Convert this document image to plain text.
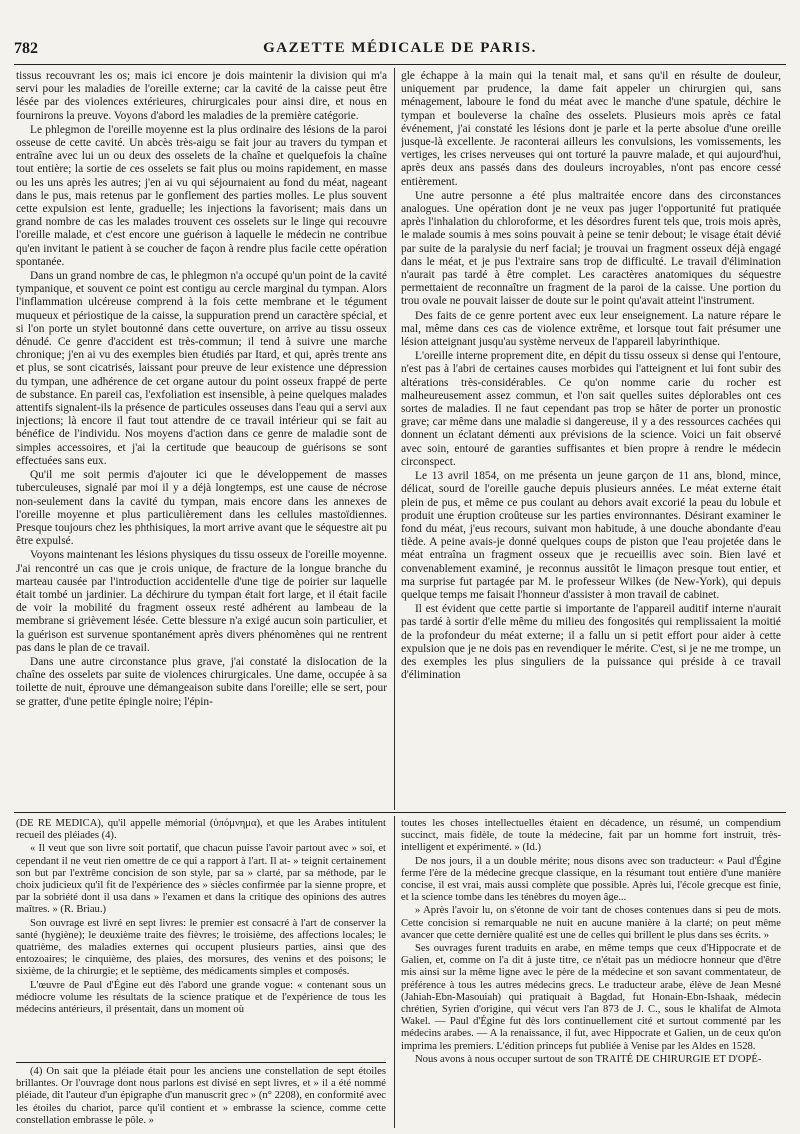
782	GAZETTE MÉDICALE DE PARIS.

tissus recouvrant les os; mais ici encore je dois maintenir la division qui m'a servi pour les maladies de l'oreille externe; car la cavité de la caisse peut être lésée par des violences extérieures, chirurgicales pour ainsi dire, et nous en fournirons la preuve. Voyons d'abord les maladies de la première catégorie.

Le phlegmon de l'oreille moyenne est la plus ordinaire des lésions de la paroi osseuse de cette cavité. Un abcès très-aigu se fait jour au travers du tympan et entraîne avec lui un ou deux des osselets de la chaîne et quelquefois la chaîne tout entière; la sortie de ces osselets se fait plus ou moins rapidement, en masse ou les uns après les autres; j'en ai vu qui séjournaient au fond du méat, nageant dans le pus, mais retenus par le gonflement des parties molles. Le plus souvent cette expulsion est lente, graduelle; les injections la favorisent; mais dans un grand nombre de cas les malades trouvent ces osselets sur le linge qui recouvre l'oreille malade, et c'est encore une guérison à laquelle le médecin ne contribue qu'en invitant le patient à se coucher de façon à rendre plus facile cette opération spontanée.

Dans un grand nombre de cas, le phlegmon n'a occupé qu'un point de la cavité tympanique, et souvent ce point est contigu au cercle marginal du tympan. Alors l'inflammation ulcéreuse comprend à la fois cette membrane et le tégument muqueux et périostique de la caisse, la suppuration prend un caractère spécial, et si l'on porte un stylet boutonné dans cette ouverture, on arrive au tissu osseux dénudé. Ce genre d'accident est très-commun; il tend à suivre une marche chronique; j'en ai vu des exemples bien étudiés par Itard, et qui, après trente ans et plus, se sont cicatrisés, laissant pour preuve de leur existence une dépression du tympan, une adhérence de cet organe autour du point osseux frappé de perte de substance. En pareil cas, l'exfoliation est insensible, à peine quelques malades attentifs signalent-ils la présence de particules osseuses dans l'eau qui a servi aux injections; là encore il faut tout attendre de ce travail intérieur qui se fait au bénéfice de l'individu. Nos moyens d'action dans ce genre de maladie sont de simples accessoires, et j'ai la certitude que beaucoup de guérisons se sont effectuées sans eux.

Qu'il me soit permis d'ajouter ici que le développement de masses tuberculeuses, signalé par moi il y a déjà longtemps, est une cause de nécrose non-seulement dans la cavité du tympan, mais encore dans les annexes de l'oreille moyenne et plus particulièrement dans les cellules mastoïdiennes. Presque toujours chez les phthisiques, la mort arrive avant que le séquestre ait pu être expulsé.

Voyons maintenant les lésions physiques du tissu osseux de l'oreille moyenne. J'ai rencontré un cas que je crois unique, de fracture de la longue branche du marteau causée par l'introduction accidentelle d'une tige de poirier sur laquelle était tombé un jardinier. La déchirure du tympan était fort large, et il était facile de voir la mobilité du fragment osseux resté adhérent au lambeau de la membrane si grièvement lésée. Cette blessure n'a exigé aucun soin particulier, et la guérison est survenue spontanément après divers phénomènes qui ne rentrent pas dans le plan de ce travail.

Dans une autre circonstance plus grave, j'ai constaté la dislocation de la chaîne des osselets par suite de violences chirurgicales. Une dame, occupée à sa toilette de nuit, éprouve une démangeaison subite dans l'oreille; elle se sert, pour se gratter, d'une petite épingle noire; l'épin-

gle échappe à la main qui la tenait mal, et sans qu'il en résulte de douleur, uniquement par prudence, la dame fait appeler un chirurgien qui, sans ménagement, laboure le fond du méat avec le manche d'une spatule, déchire le tympan et bouleverse la chaîne des osselets. Plusieurs mois après ce fatal événement, j'ai constaté les lésions dont je parle et la perte absolue d'une oreille jusque-là excellente. Je raconterai ailleurs les convulsions, les vomissements, les vertiges, les crises nerveuses qui ont torturé la pauvre malade, et qui aujourd'hui, après deux ans passés dans des douleurs incroyables, n'ont pas encore cessé entièrement.

Une autre personne a été plus maltraitée encore dans des circonstances analogues. Une opération dont je ne veux pas juger l'opportunité fut pratiquée après l'inhalation du chloroforme, et les désordres furent tels que, trois mois après, le malade soumis à mes soins pouvait à peine se tenir debout; le visage était dévié par suite de la paralysie du nerf facial; je trouvai un fragment osseux déjà engagé dans le méat, et je pus l'extraire sans trop de difficulté. Le travail d'élimination n'aurait pas tardé à être complet. Les caractères anatomiques du séquestre permettaient de reconnaître un fragment de la paroi de la caisse. Une portion du trou ovale ne pouvait laisser de doute sur le point qu'avait atteint l'instrument.

Des faits de ce genre portent avec eux leur enseignement. La nature répare le mal, même dans ces cas de violence extrême, et lorsque tout fait présumer une lésion atteignant jusqu'au système nerveux de l'appareil labyrinthique.

L'oreille interne proprement dite, en dépit du tissu osseux si dense qui l'entoure, n'est pas à l'abri de certaines causes morbides qui l'atteignent et lui font subir des altérations très-considérables. Ce qu'on nomme carie du rocher est malheureusement assez commun, et l'on sait quelles suites déplorables ont ces sortes de maladies. Il ne faut cependant pas trop se hâter de porter un pronostic grave; car même dans une maladie si dangereuse, il y a des ressources cachées qui donnent un éclatant démenti aux prévisions de la science. Voici un fait observé avec soin, entouré de garanties suffisantes et bien propre à rendre le médecin circonspect.

Le 13 avril 1854, on me présenta un jeune garçon de 11 ans, blond, mince, délicat, sourd de l'oreille gauche depuis plusieurs années. Le méat externe était plein de pus, et même ce pus coulant au dehors avait excorié la peau du lobule et produit une éruption croûteuse sur les parties environnantes. Désirant examiner le fond du méat, j'eus recours, suivant mon habitude, à une douche abondante d'eau tiède. A peine avais-je donné quelques coups de piston que l'eau projetée dans le méat entraîna un fragment osseux que je recueillis avec soin. Bien lavé et convenablement examiné, je reconnus aussitôt le limaçon presque tout entier, et ma surprise fut partagée par M. le professeur Wilkes (de New-York), qui depuis quelque temps me faisait l'honneur d'assister à mon travail de cabinet.

Il est évident que cette partie si importante de l'appareil auditif interne n'aurait pas tardé à sortir d'elle même du milieu des fongosités qui remplissaient la moitié de la profondeur du méat externe; il a fallu un si petit effort pour aider à cette expulsion que je ne dois pas en revendiquer le mérite. C'est, si je ne me trompe, un des exemples les plus singuliers de la puissance qui préside à ce travail d'élimination

(DE RE MEDICA), qu'il appelle mémorial (ὑπόμνημα), et que les Arabes intitulent recueil des pléiades (4).

« Il veut que son livre soit portatif, que chacun puisse l'avoir partout avec » soi, et cependant il ne veut rien omettre de ce qui a rapport à l'art. Il at- » teignit certainement son but par l'extrême concision de son style, par sa » clarté, par sa méthode, par le choix judicieux qu'il fit de l'expérience des » siècles confirmée par la sienne propre, et par la sobriété dont il usa dans » l'examen et dans la critique des opinions des autres maîtres. » (R. Briau.)

Son ouvrage est livré en sept livres: le premier est consacré à l'art de conserver la santé (hygiène); le deuxième traite des fièvres; le troisième, des affections locales; le quatrième, des maladies externes qui occupent plusieurs parties, ainsi que des entozoaires; le cinquième, des plaies, des morsures, des venins et des poisons; le sixième, de la chirurgie; et le septième, des médicaments simples et composés.

L'œuvre de Paul d'Égine eut dès l'abord une grande vogue: « contenant sous un médiocre volume les résultats de la science pratique et de l'expérience de tous les médecins antérieurs, il présentait, dans un moment où

(4) On sait que la pléiade était pour les anciens une constellation de sept étoiles brillantes. Or l'ouvrage dont nous parlons est divisé en sept livres, et » il a été nommé pléiade, dit l'auteur d'un épigraphe d'un manuscrit grec » (n° 2208), en conformité avec les étoiles du chariot, parce qu'il contient et » embrasse la science, comme cette constellation embrasse le pôle. »

toutes les choses intellectuelles étaient en décadence, un résumé, un compendium succinct, mais fidèle, de toute la médecine, fait par un homme fort instruit, très-intelligent et expérimenté. » (Id.)

De nos jours, il a un double mérite; nous disons avec son traducteur: « Paul d'Égine ferme l'ère de la médecine grecque classique, en la résumant tout entière d'une manière concise, il est vrai, mais aussi complète que possible. Après lui, l'école grecque est finie, et la science tombe dans les ténèbres du moyen âge...

» Après l'avoir lu, on s'étonne de voir tant de choses contenues dans si peu de mots. Cette concision si remarquable ne nuit en aucune manière à la clarté; on peut même avancer que cette dernière qualité est une de celles qui brillent le plus dans ses écrits. »

Ses ouvrages furent traduits en arabe, en même temps que ceux d'Hippocrate et de Galien, et, comme on l'a dit à juste titre, ce n'était pas un médiocre honneur que d'être mis ainsi sur la même ligne avec le père de la médecine et son savant commentateur, de préférence à tous les autres médecins grecs. Le traducteur arabe, élève de Jean Mesné (Jahiah-Ebn-Masouiah) qui pratiquait à Bagdad, fut Honain-Ebn-Ishaak, médecin chrétien, Syrien d'origine, qui vécut vers l'an 873 de J. C., sous le khalifat de Almota Wakel. — Paul d'Égine fut dès lors continuellement cité et surtout commenté par les médecins arabes. — A la renaissance, il fut, avec Hippocrate et Galien, un de ceux qu'on imprima les premiers. L'édition princeps fut publiée à Venise par les Aldes en 1528.

Nous avons à nous occuper surtout de son TRAITÉ DE CHIRURGIE ET D'OPÉ-
